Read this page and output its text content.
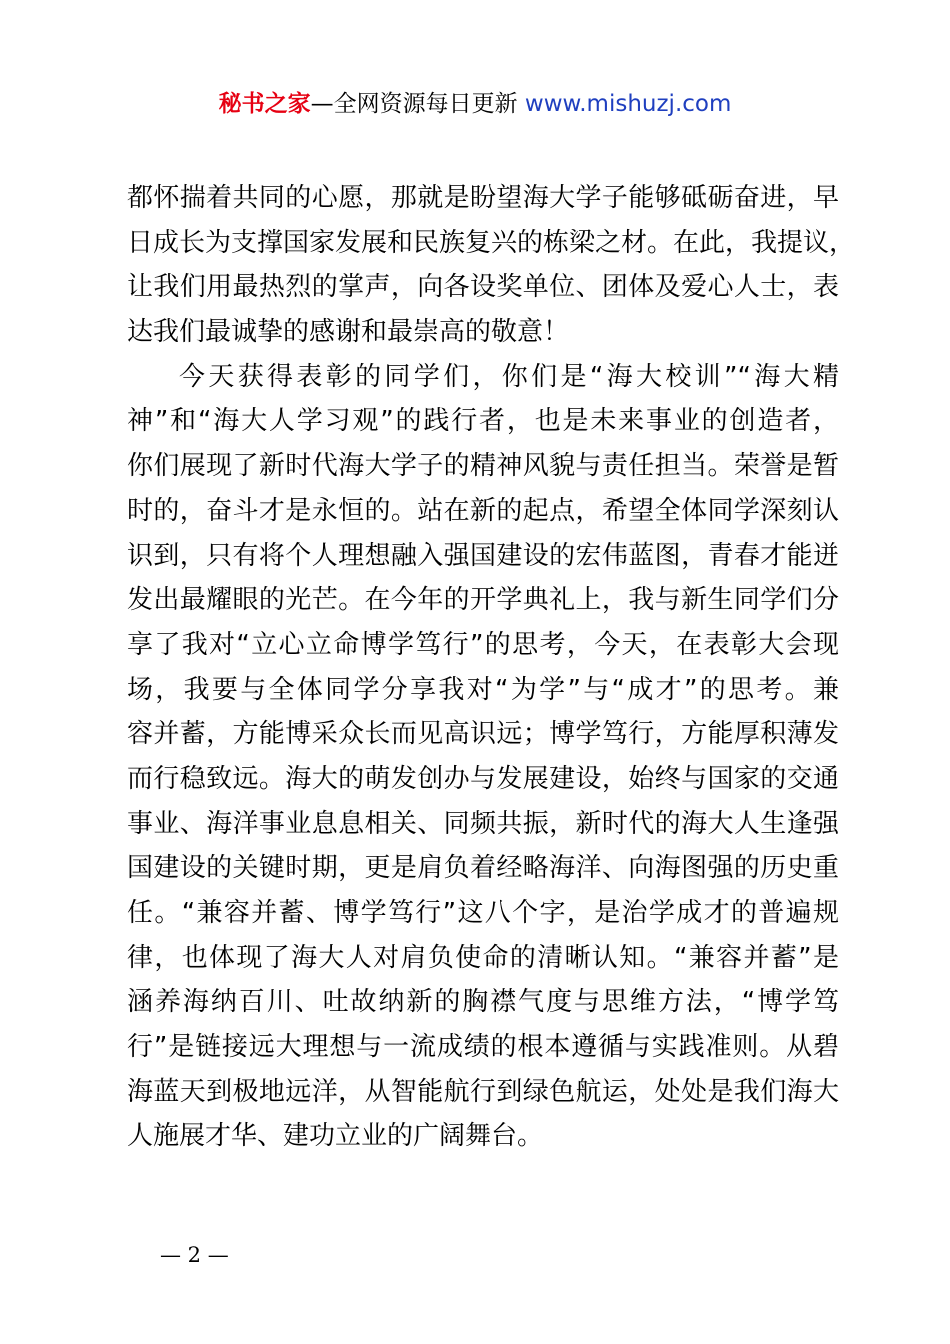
秘书之家—全网资源每日更新 www.mishuzj.com
都怀揣着共同的心愿，那就是盼望海大学子能够砥砺奋进，早
日成长为支撑国家发展和民族复兴的栋梁之材。在此，我提议，
让我们用最热烈的掌声，向各设奖单位、团体及爱心人士，表
达我们最诚挚的感谢和最崇高的敬意！
今天获得表彰的同学们，你们是“海大校训”“海大精
神”和“海大人学习观”的践行者，也是未来事业的创造者，
你们展现了新时代海大学子的精神风貌与责任担当。荣誉是暂
时的，奋斗才是永恒的。站在新的起点，希望全体同学深刻认
识到，只有将个人理想融入强国建设的宏伟蓝图，青春才能迸
发出最耀眼的光芒。在今年的开学典礼上，我与新生同学们分
享了我对“立心立命博学笃行”的思考，今天，在表彰大会现
场，我要与全体同学分享我对“为学”与“成才”的思考。兼
容并蓄，方能博采众长而见高识远；博学笃行，方能厚积薄发
而行稳致远。海大的萌发创办与发展建设，始终与国家的交通
事业、海洋事业息息相关、同频共振，新时代的海大人生逢强
国建设的关键时期，更是肩负着经略海洋、向海图强的历史重
任。“兼容并蓄、博学笃行”这八个字，是治学成才的普遍规
律，也体现了海大人对肩负使命的清晰认知。“兼容并蓄”是
涵养海纳百川、吐故纳新的胸襟气度与思维方法，“博学笃
行”是链接远大理想与一流成绩的根本遵循与实践准则。从碧
海蓝天到极地远洋，从智能航行到绿色航运，处处是我们海大
人施展才华、建功立业的广阔舞台。
— 2 —
